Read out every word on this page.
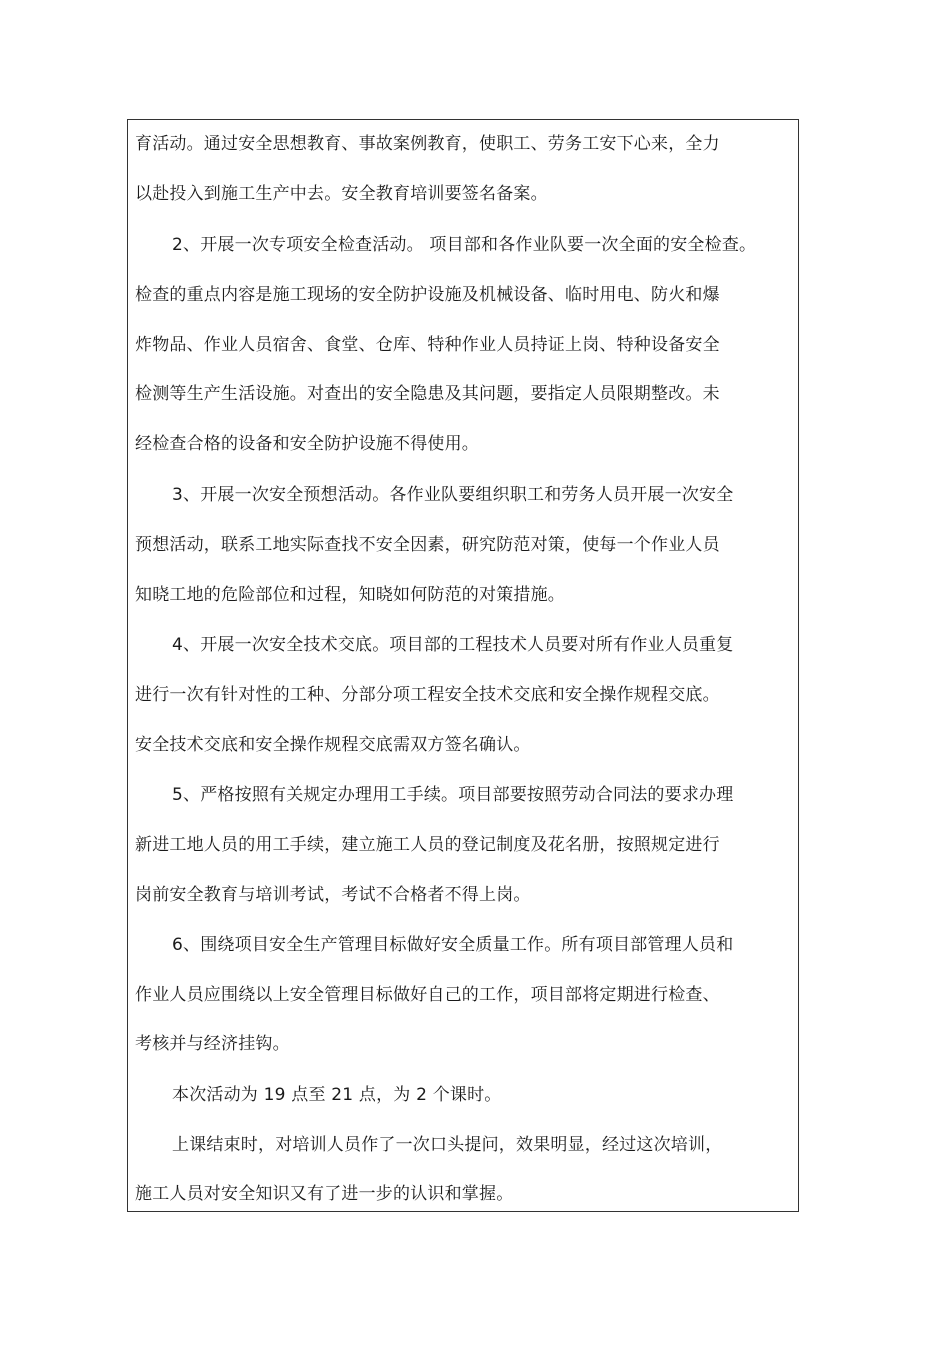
育活动。通过安全思想教育、事故案例教育，使职工、劳务工安下心来，全力
以赴投入到施工生产中去。安全教育培训要签名备案。
2、开展一次专项安全检查活动。 项目部和各作业队要一次全面的安全检查。
检查的重点内容是施工现场的安全防护设施及机械设备、临时用电、防火和爆
炸物品、作业人员宿舍、食堂、仓库、特种作业人员持证上岗、特种设备安全
检测等生产生活设施。对查出的安全隐患及其问题，要指定人员限期整改。未
经检查合格的设备和安全防护设施不得使用。
3、开展一次安全预想活动。各作业队要组织职工和劳务人员开展一次安全
预想活动，联系工地实际查找不安全因素，研究防范对策，使每一个作业人员
知晓工地的危险部位和过程，知晓如何防范的对策措施。
4、开展一次安全技术交底。项目部的工程技术人员要对所有作业人员重复
进行一次有针对性的工种、分部分项工程安全技术交底和安全操作规程交底。
安全技术交底和安全操作规程交底需双方签名确认。
5、严格按照有关规定办理用工手续。项目部要按照劳动合同法的要求办理
新进工地人员的用工手续，建立施工人员的登记制度及花名册，按照规定进行
岗前安全教育与培训考试，考试不合格者不得上岗。
6、围绕项目安全生产管理目标做好安全质量工作。所有项目部管理人员和
作业人员应围绕以上安全管理目标做好自己的工作，项目部将定期进行检查、
考核并与经济挂钩。
本次活动为 19 点至 21 点，为 2 个课时。
上课结束时，对培训人员作了一次口头提问，效果明显，经过这次培训，
施工人员对安全知识又有了进一步的认识和掌握。
